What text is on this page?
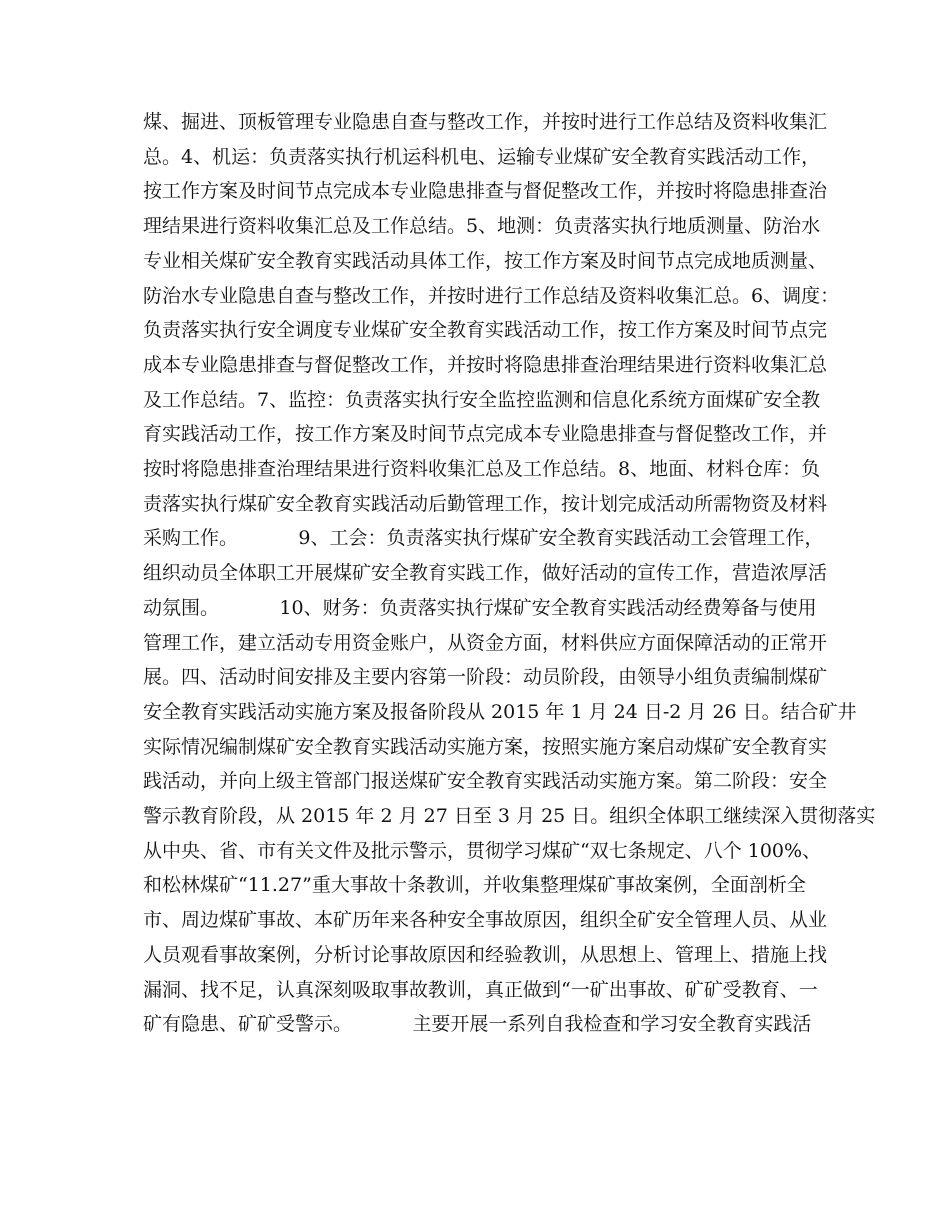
煤、掘进、顶板管理专业隐患自查与整改工作，并按时进行工作总结及资料收集汇
总。4、机运：负责落实执行机运科机电、运输专业煤矿安全教育实践活动工作，
按工作方案及时间节点完成本专业隐患排查与督促整改工作，并按时将隐患排查治
理结果进行资料收集汇总及工作总结。5、地测：负责落实执行地质测量、防治水
专业相关煤矿安全教育实践活动具体工作，按工作方案及时间节点完成地质测量、
防治水专业隐患自查与整改工作，并按时进行工作总结及资料收集汇总。6、调度：
负责落实执行安全调度专业煤矿安全教育实践活动工作，按工作方案及时间节点完
成本专业隐患排查与督促整改工作，并按时将隐患排查治理结果进行资料收集汇总
及工作总结。7、监控：负责落实执行安全监控监测和信息化系统方面煤矿安全教
育实践活动工作，按工作方案及时间节点完成本专业隐患排查与督促整改工作，并
按时将隐患排查治理结果进行资料收集汇总及工作总结。8、地面、材料仓库：负
责落实执行煤矿安全教育实践活动后勤管理工作，按计划完成活动所需物资及材料
采购工作。          9、工会：负责落实执行煤矿安全教育实践活动工会管理工作，
组织动员全体职工开展煤矿安全教育实践工作，做好活动的宣传工作，营造浓厚活
动氛围。          10、财务：负责落实执行煤矿安全教育实践活动经费筹备与使用
管理工作，建立活动专用资金账户，从资金方面，材料供应方面保障活动的正常开
展。四、活动时间安排及主要内容第一阶段：动员阶段，由领导小组负责编制煤矿
安全教育实践活动实施方案及报备阶段从 2015 年 1 月 24 日-2 月 26 日。结合矿井
实际情况编制煤矿安全教育实践活动实施方案，按照实施方案启动煤矿安全教育实
践活动，并向上级主管部门报送煤矿安全教育实践活动实施方案。第二阶段：安全
警示教育阶段，从 2015 年 2 月 27 日至 3 月 25 日。组织全体职工继续深入贯彻落实
从中央、省、市有关文件及批示警示，贯彻学习煤矿“双七条规定、八个 100%、
和松林煤矿“11.27”重大事故十条教训，并收集整理煤矿事故案例，全面剖析全
市、周边煤矿事故、本矿历年来各种安全事故原因，组织全矿安全管理人员、从业
人员观看事故案例，分析讨论事故原因和经验教训，从思想上、管理上、措施上找
漏洞、找不足，认真深刻吸取事故教训，真正做到“一矿出事故、矿矿受教育、一
矿有隐患、矿矿受警示。          主要开展一系列自我检查和学习安全教育实践活
